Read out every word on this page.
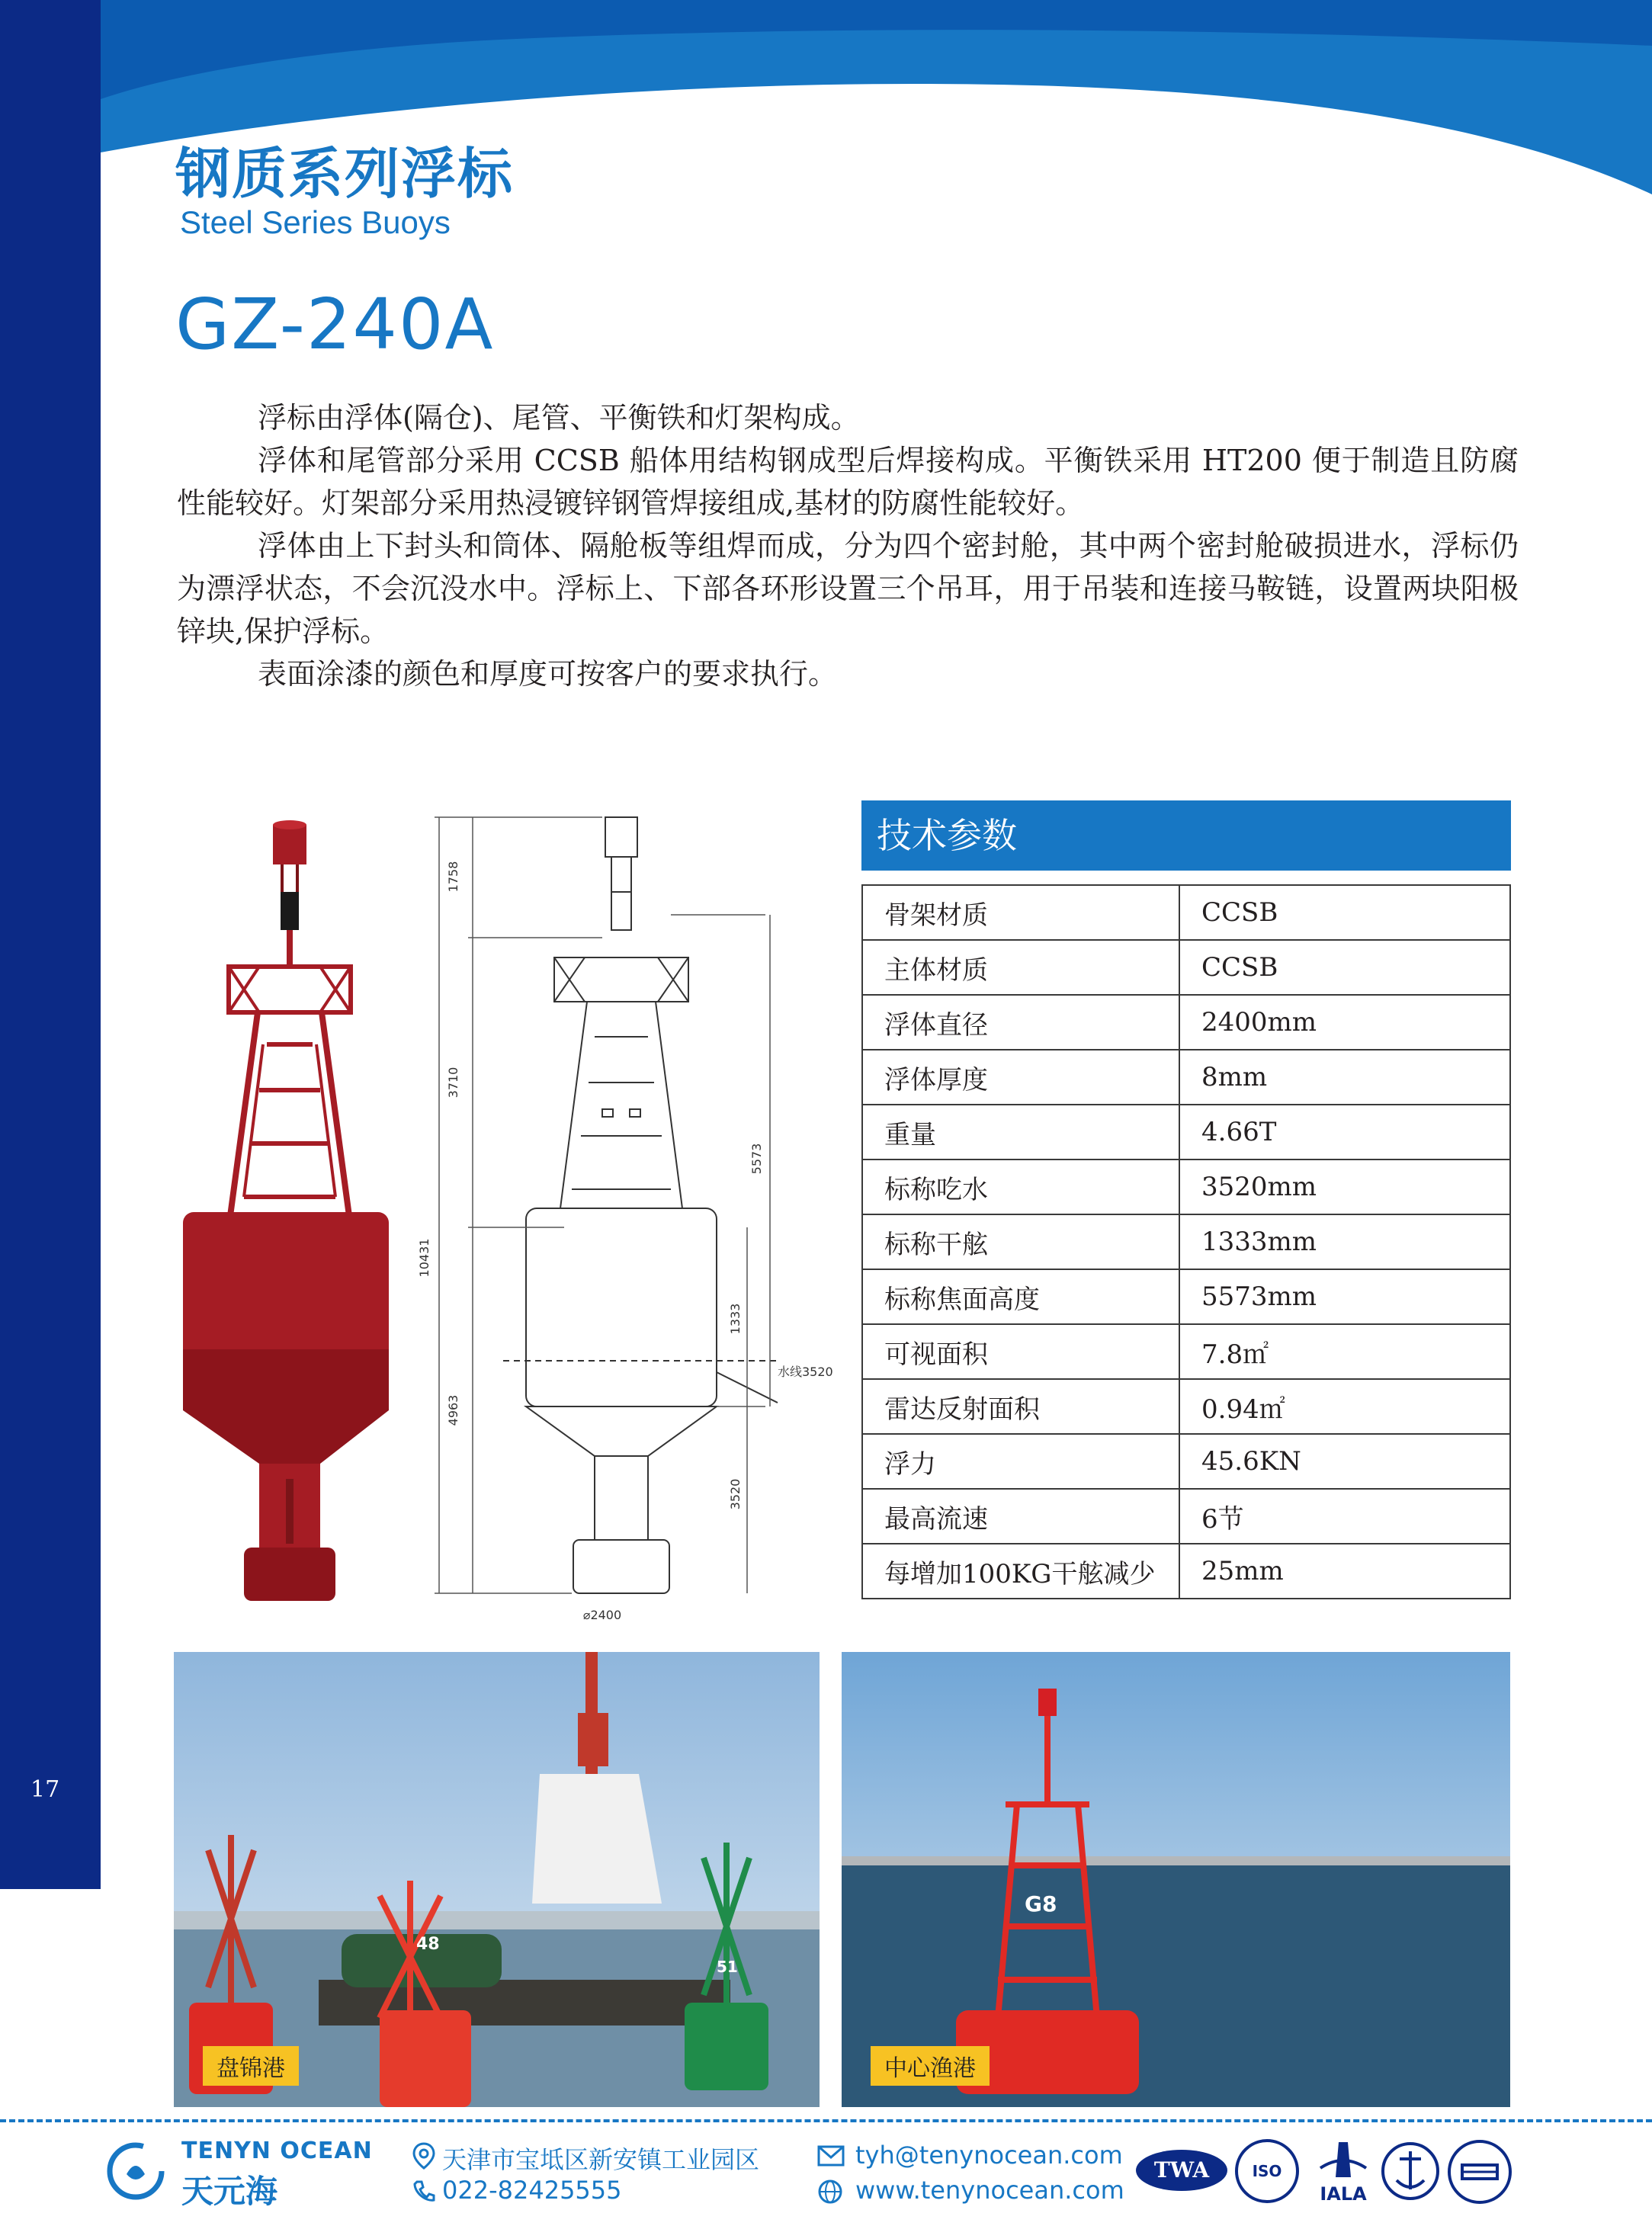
17
钢质系列浮标
Steel Series Buoys
GZ-240A

浮标由浮体(隔仓)、尾管、平衡铁和灯架构成。

浮体和尾管部分采用 CCSB 船体用结构钢成型后焊接构成。平衡铁采用 HT200 便于制造且防腐性能较好。灯架部分采用热浸镀锌钢管焊接组成,基材的防腐性能较好。

浮体由上下封头和筒体、隔舱板等组焊而成，分为四个密封舱，其中两个密封舱破损进水，浮标仍为漂浮状态，不会沉没水中。浮标上、下部各环形设置三个吊耳，用于吊装和连接马鞍链，设置两块阳极锌块,保护浮标。

表面涂漆的颜色和厚度可按客户的要求执行。

1758
3710
10431
4963
5573
1333
3520
水线3520
⌀2400
技术参数
骨架材质	CCSB
主体材质	CCSB
浮体直径	2400mm
浮体厚度	8mm
重量	4.66T
标称吃水	3520mm
标称干舷	1333mm
标称焦面高度	5573mm
可视面积	7.8㎡
雷达反射面积	0.94㎡
浮力	45.6KN
最高流速	6节
每增加100KG干舷减少	25mm
48
51
盘锦港
G8
中心渔港
TENYN OCEAN
天元海
天津市宝坻区新安镇工业园区
022-82425555
tyh@tenynocean.com
www.tenynocean.com
TWA	ISO
IALA
